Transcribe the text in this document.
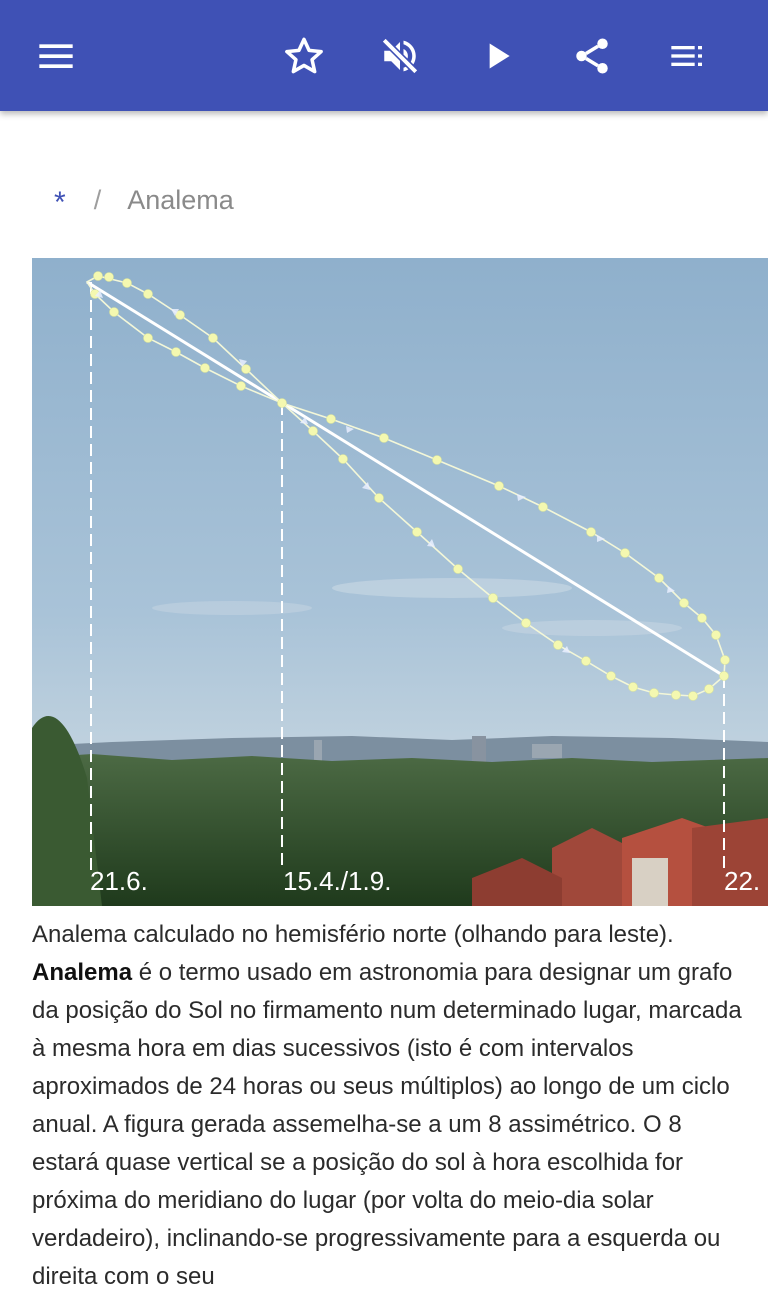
* / Analema
21.6.	15.4./1.9.	22.

Analema calculado no hemisfério norte (olhando para leste).

Analema é o termo usado em astronomia para designar um grafo da posição do Sol no firmamento num determinado lugar, marcada à mesma hora em dias sucessivos (isto é com intervalos aproximados de 24 horas ou seus múltiplos) ao longo de um ciclo anual. A figura gerada assemelha-se a um 8 assimétrico. O 8 estará quase vertical se a posição do sol à hora escolhida for próxima do meridiano do lugar (por volta do meio-dia solar verdadeiro), inclinando-se progressivamente para a esquerda ou direita com o seu
